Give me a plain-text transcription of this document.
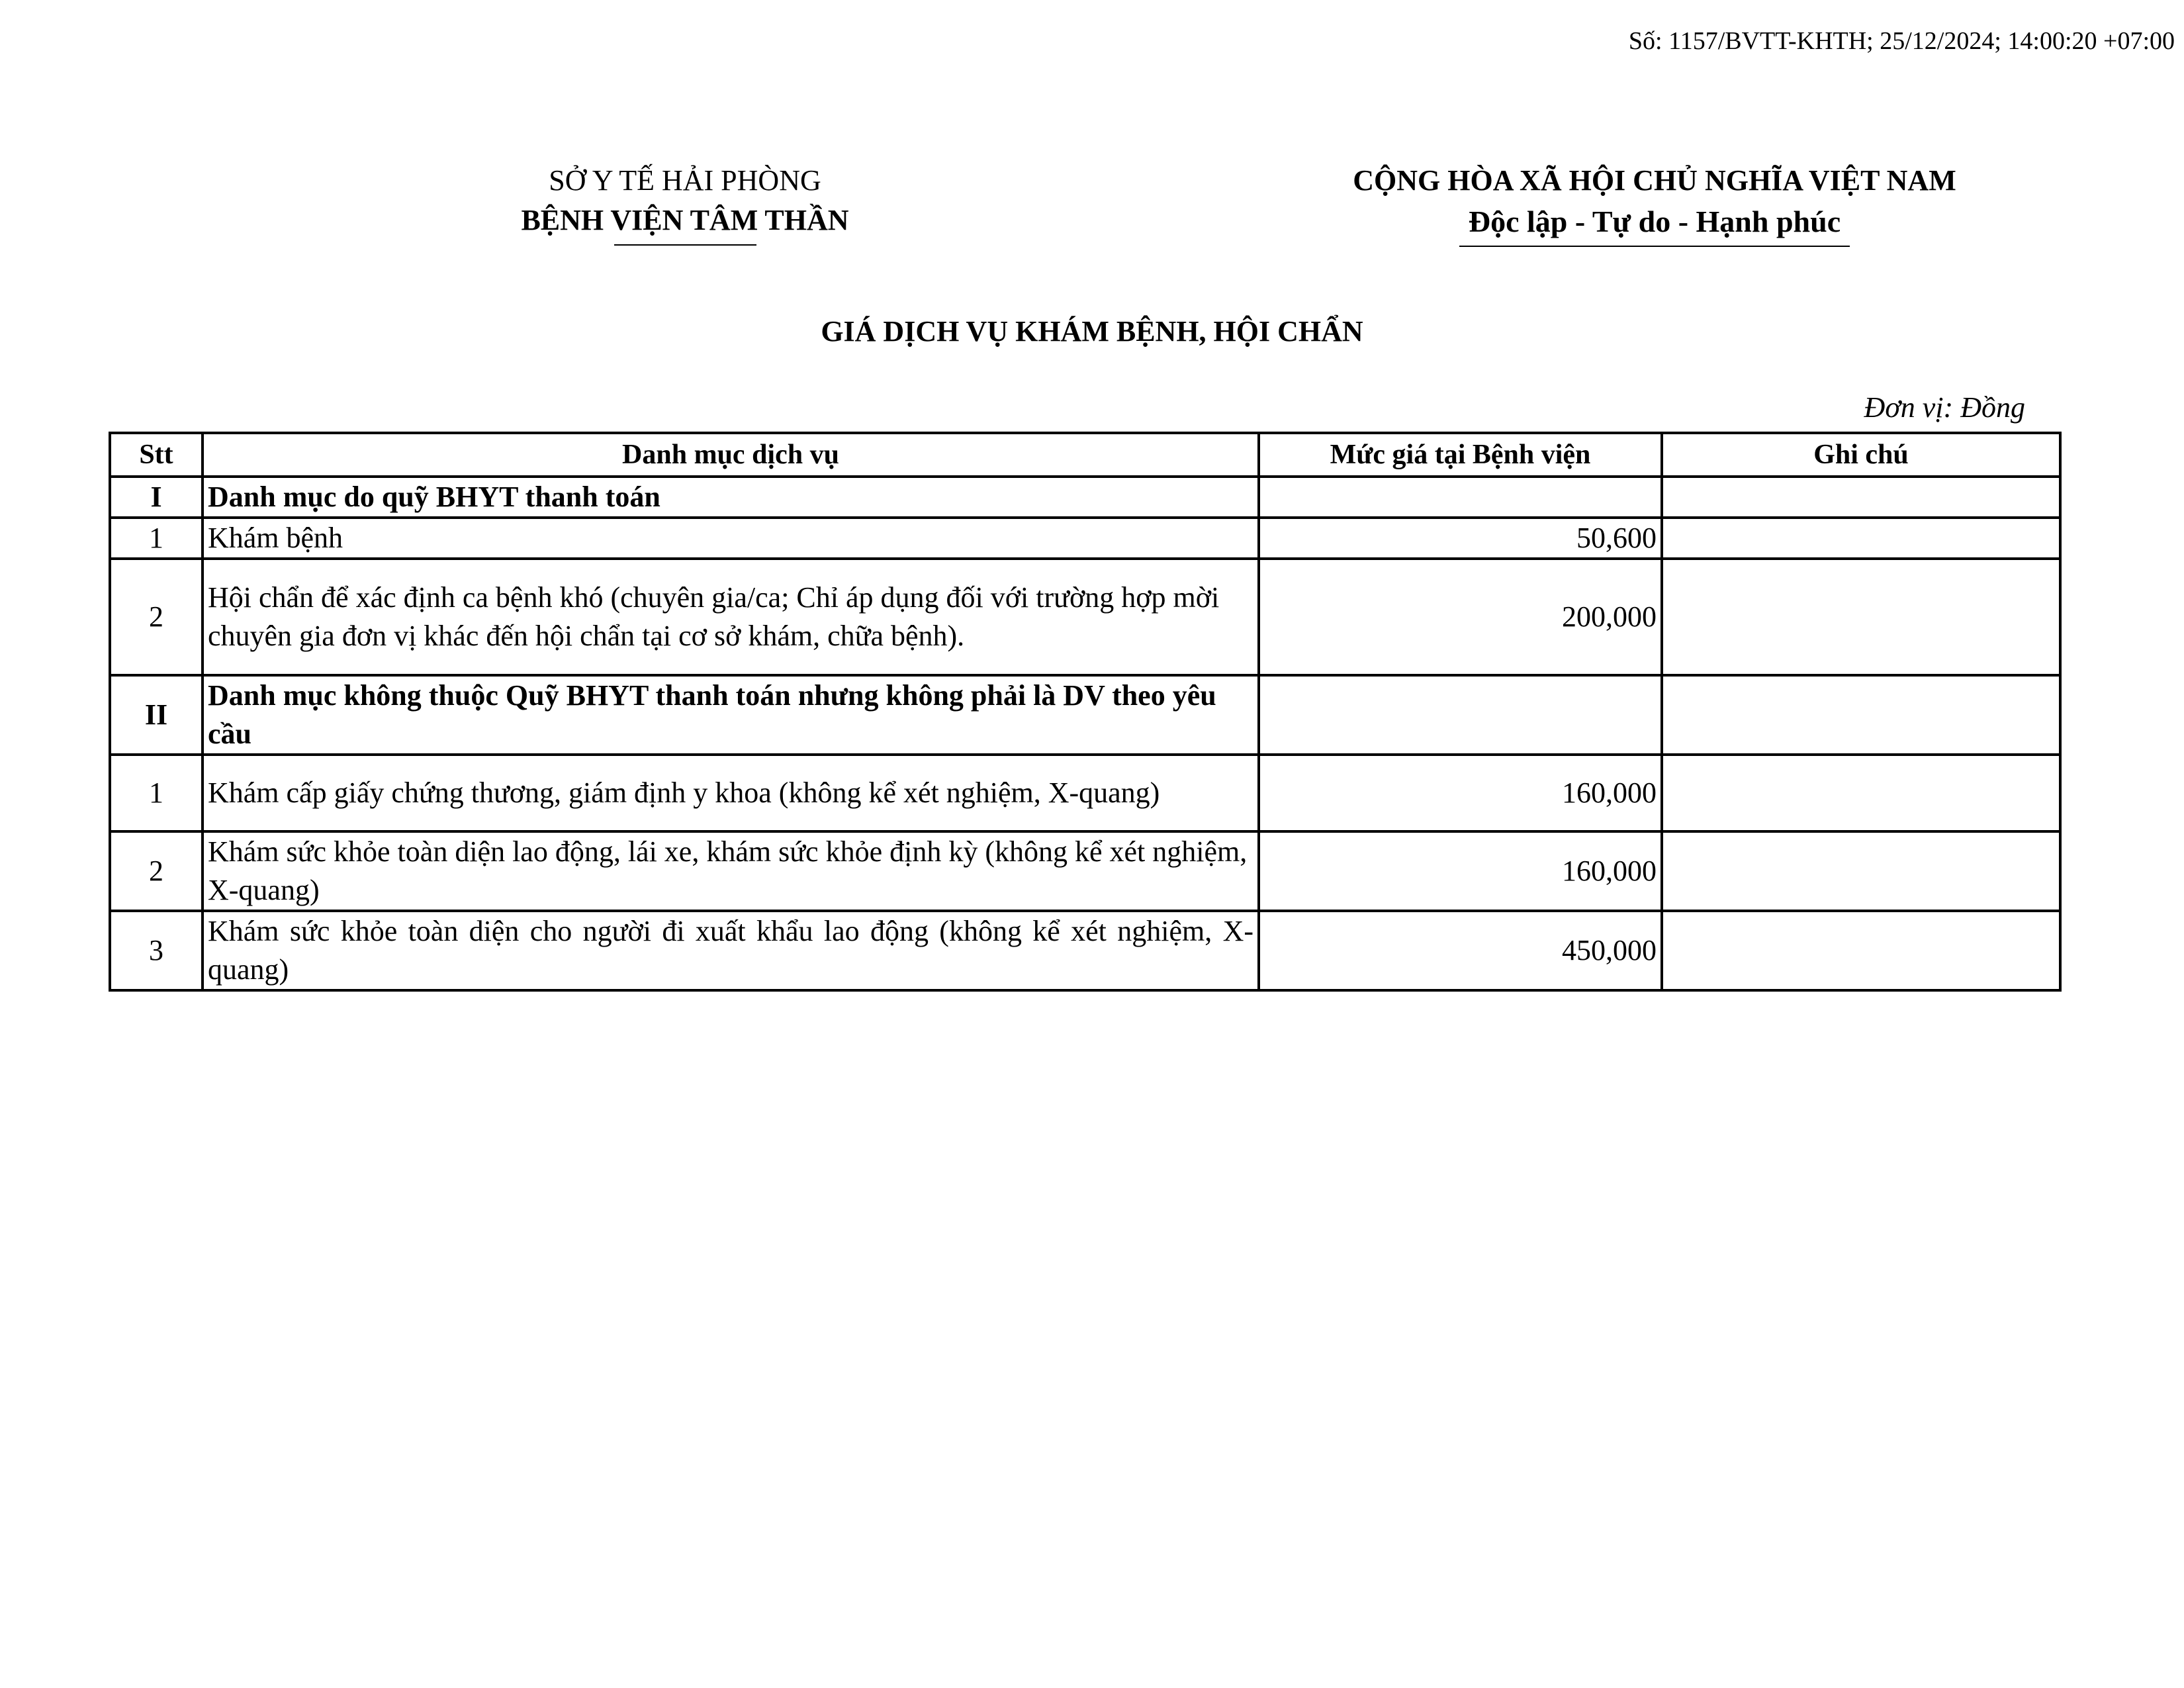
Số: 1157/BVTT-KHTH; 25/12/2024; 14:00:20 +07:00
SỞ Y TẾ HẢI PHÒNG
BỆNH VIỆN TÂM THẦN
CỘNG HÒA XÃ HỘI CHỦ NGHĨA VIỆT NAM
Độc lập - Tự do - Hạnh phúc
GIÁ DỊCH VỤ KHÁM BỆNH, HỘI CHẨN
Đơn vị: Đồng
Stt	Danh mục dịch vụ	Mức giá tại Bệnh viện	Ghi chú
I	Danh mục do quỹ BHYT thanh toán		
1	Khám bệnh	50,600	
2	Hội chẩn để xác định ca bệnh khó (chuyên gia/ca; Chỉ áp dụng đối với trường hợp mời chuyên gia đơn vị khác đến hội chẩn tại cơ sở khám, chữa bệnh).	200,000	
II	Danh mục không thuộc Quỹ BHYT thanh toán nhưng không phải là DV theo yêu cầu		
1	Khám cấp giấy chứng thương, giám định y khoa (không kể xét nghiệm, X-quang)	160,000	
2	Khám sức khỏe toàn diện lao động, lái xe, khám sức khỏe định kỳ (không kể xét nghiệm, X-quang)	160,000	
3	Khám sức khỏe toàn diện cho người đi xuất khẩu lao động (không kể xét nghiệm, X-quang)	450,000	
